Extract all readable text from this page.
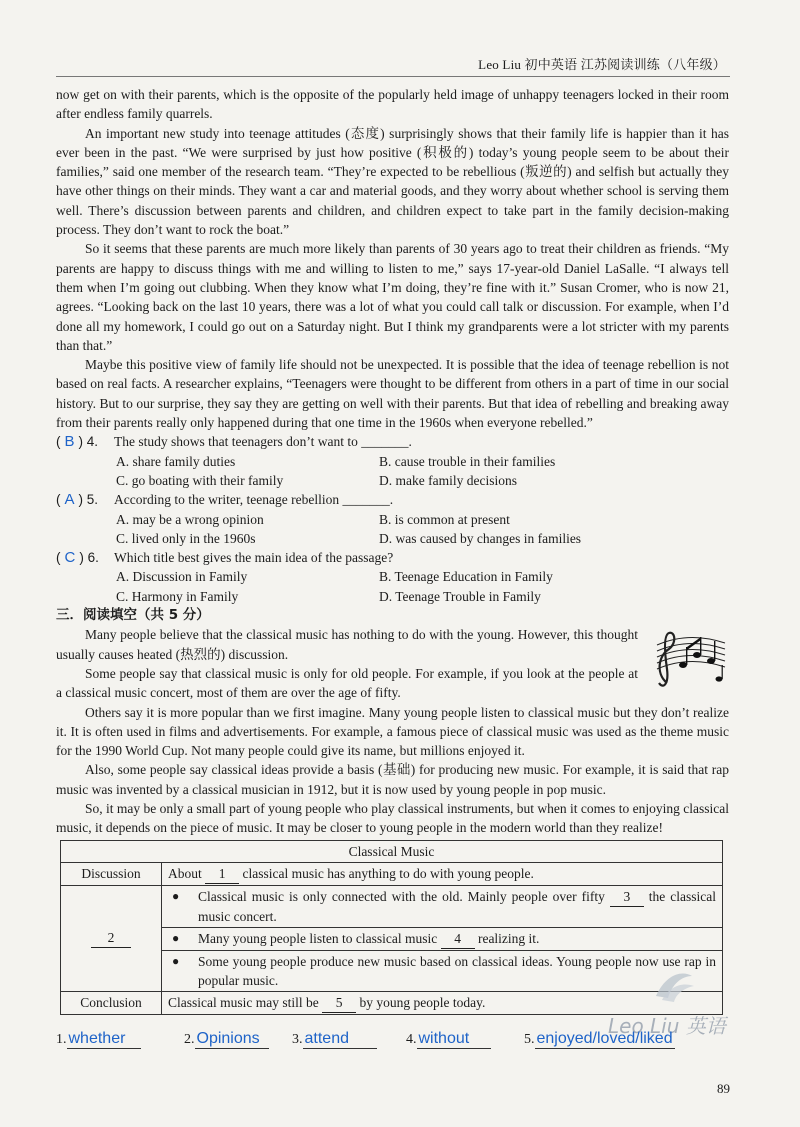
Leo Liu 初中英语 江苏阅读训练（八年级）

now get on with their parents, which is the opposite of the popularly held image of unhappy teenagers locked in their room after endless family quarrels.

An important new study into teenage attitudes (态度) surprisingly shows that their family life is happier than it has ever been in the past. “We were surprised by just how positive (积极的) today’s young people seem to be about their families,” said one member of the research team. “They’re expected to be rebellious (叛逆的) and selfish but actually they have other things on their minds. They want a car and material goods, and they worry about whether school is serving them well. There’s discussion between parents and children, and children expect to take part in the family decision-making process. They don’t want to rock the boat.”

So it seems that these parents are much more likely than parents of 30 years ago to treat their children as friends. “My parents are happy to discuss things with me and willing to listen to me,” says 17-year-old Daniel LaSalle. “I always tell them when I’m going out clubbing. When they know what I’m doing, they’re fine with it.” Susan Cromer, who is now 21, agrees. “Looking back on the last 10 years, there was a lot of what you could call talk or discussion. For example, when I’d done all my homework, I could go out on a Saturday night. But I think my grandparents were a lot stricter with my parents than that.”

Maybe this positive view of family life should not be unexpected. It is possible that the idea of teenage rebellion is not based on real facts. A researcher explains, “Teenagers were thought to be different from others in a part of time in our social history. But to our surprise, they say they are getting on well with their parents. But that idea of rebelling and breaking away from their parents really only happened during that one time in the 1960s when everyone rebelled.”

( B ) 4.	The study shows that teenagers don’t want to _______.
A. share family duties	B. cause trouble in their families
C. go boating with their family	D. make family decisions
( A ) 5.	According to the writer, teenage rebellion _______.
A. may be a wrong opinion	B. is common at present
C. lived only in the 1960s	D. was caused by changes in families
( C ) 6.	Which title best gives the main idea of the passage?
A. Discussion in Family	B. Teenage Education in Family
C. Harmony in Family	D. Teenage Trouble in Family

三．阅读填空（共 5 分）

Many people believe that the classical music has nothing to do with the young. However, this thought usually causes heated (热烈的) discussion.

Some people say that classical music is only for old people. For example, if you look at the people at a classical music concert, most of them are over the age of fifty.

Others say it is more popular than we first imagine. Many young people listen to classical music but they don’t realize it. It is often used in films and advertisements. For example, a famous piece of classical music was used as the theme music for the 1990 World Cup. Not many people could give its name, but millions enjoyed it.

Also, some people say classical ideas provide a basis (基础) for producing new music. For example, it is said that rap music was invented by a classical musician in 1912, but it is now used by young people in pop music.

So, it may be only a small part of young people who play classical instruments, but when it comes to enjoying classical music, it depends on the piece of music. It may be closer to young people in the modern world than they realize!

Classical Music	
Discussion	About 1 classical music has anything to do with young people.
2	● Classical music is only connected with the old. Mainly people over fifty 3 the classical music concert.

	● Many young people listen to classical music 4 realizing it.

	● Some young people produce new music based on classical ideas. Young people now use rap in popular music.

Conclusion	Classical music may still be 5 by young people today.
Leo Liu 英语
1. whether	2. Opinions	3. attend	4. without	5. enjoyed/loved/liked
89
